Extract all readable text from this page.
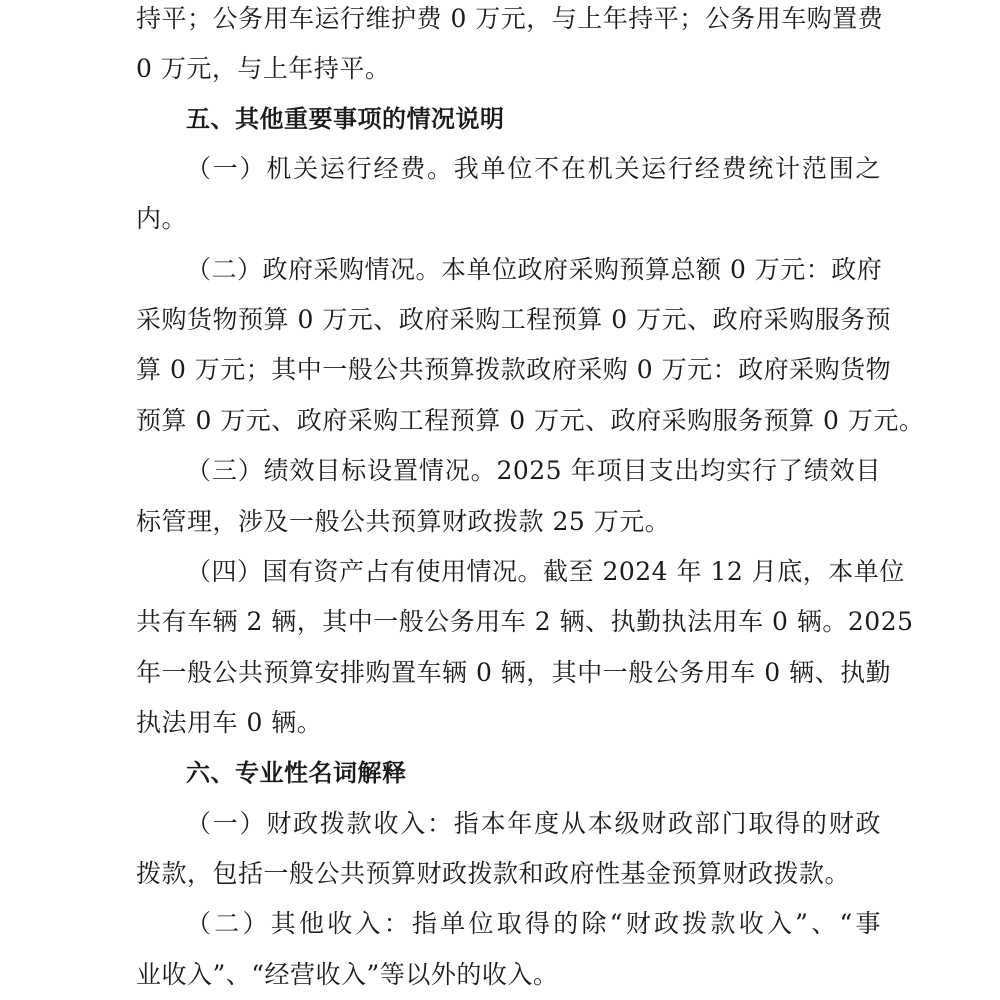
持平；公务用车运行维护费 0 万元，与上年持平；公务用车购置费
0 万元，与上年持平。
五、其他重要事项的情况说明
（一）机关运行经费。我单位不在机关运行经费统计范围之
内。
（二）政府采购情况。本单位政府采购预算总额 0 万元：政府
采购货物预算 0 万元、政府采购工程预算 0 万元、政府采购服务预
算 0 万元；其中一般公共预算拨款政府采购 0 万元：政府采购货物
预算 0 万元、政府采购工程预算 0 万元、政府采购服务预算 0 万元。
（三）绩效目标设置情况。2025 年项目支出均实行了绩效目
标管理，涉及一般公共预算财政拨款 25 万元。
（四）国有资产占有使用情况。截至 2024 年 12 月底，本单位
共有车辆 2 辆，其中一般公务用车 2 辆、执勤执法用车 0 辆。2025
年一般公共预算安排购置车辆 0 辆，其中一般公务用车 0 辆、执勤
执法用车 0 辆。
六、专业性名词解释
（一）财政拨款收入：指本年度从本级财政部门取得的财政
拨款，包括一般公共预算财政拨款和政府性基金预算财政拨款。
（二）其他收入：指单位取得的除“财政拨款收入”、“事
业收入”、“经营收入”等以外的收入。
